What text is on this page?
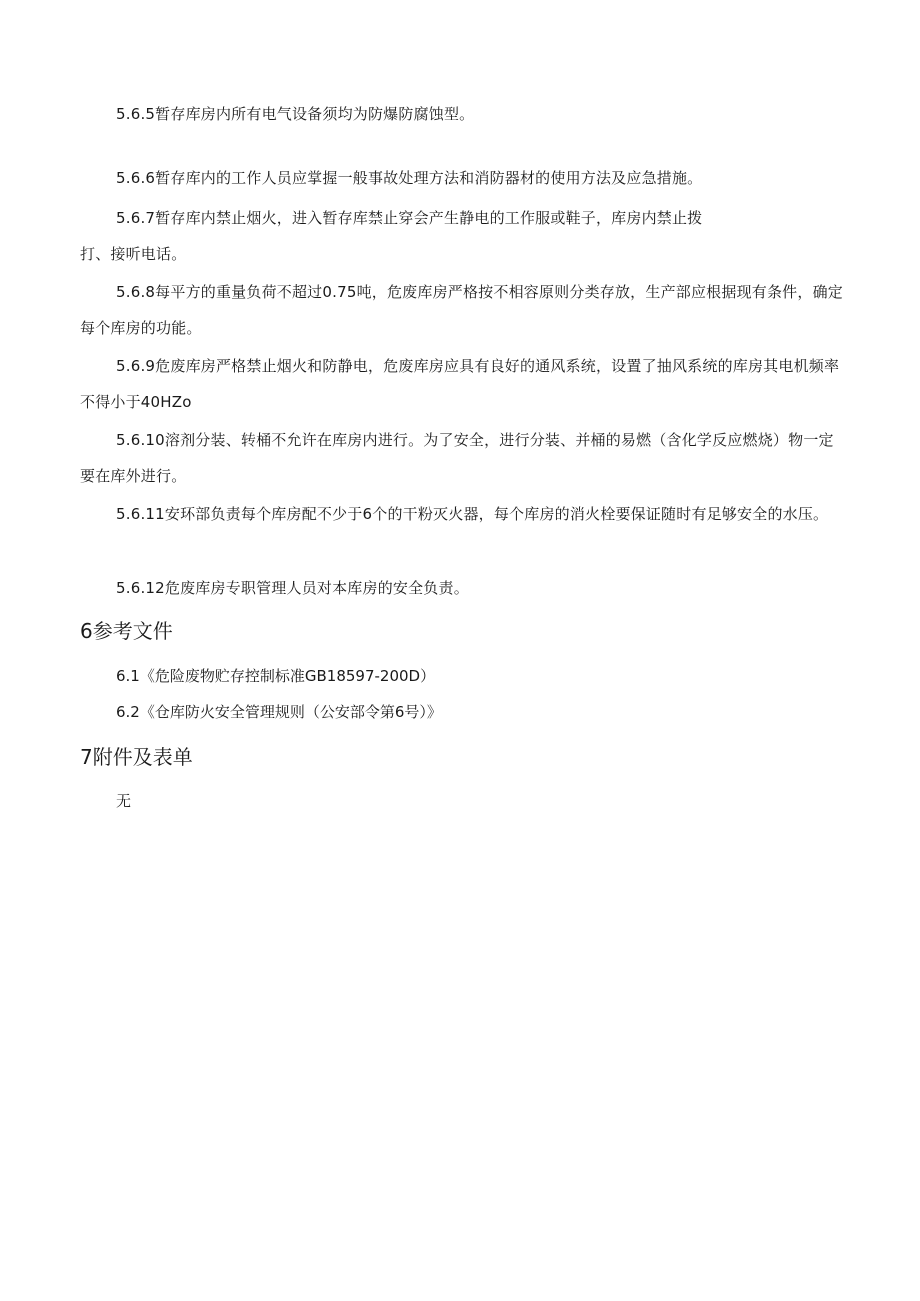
5.6.5暂存库房内所有电气设备须均为防爆防腐蚀型。

5.6.6暂存库内的工作人员应掌握一般事故处理方法和消防器材的使用方法及应急措施。

5.6.7暂存库内禁止烟火，进入暂存库禁止穿会产生静电的工作服或鞋子，库房内禁止拨
打、接听电话。

5.6.8每平方的重量负荷不超过0.75吨，危废库房严格按不相容原则分类存放，生产部应根据现有条件，确定每个库房的功能。

5.6.9危废库房严格禁止烟火和防静电，危废库房应具有良好的通风系统，设置了抽风系统的库房其电机频率不得小于40HZo

5.6.10溶剂分装、转桶不允许在库房内进行。为了安全，进行分装、并桶的易燃（含化学反应燃烧）物一定要在库外进行。

5.6.11安环部负责每个库房配不少于6个的干粉灭火器，每个库房的消火栓要保证随时有足够安全的水压。

5.6.12危废库房专职管理人员对本库房的安全负责。

6参考文件

6.1《危险废物贮存控制标准GB18597-200D）

6.2《仓库防火安全管理规则（公安部令第6号）》

7附件及表单

无
